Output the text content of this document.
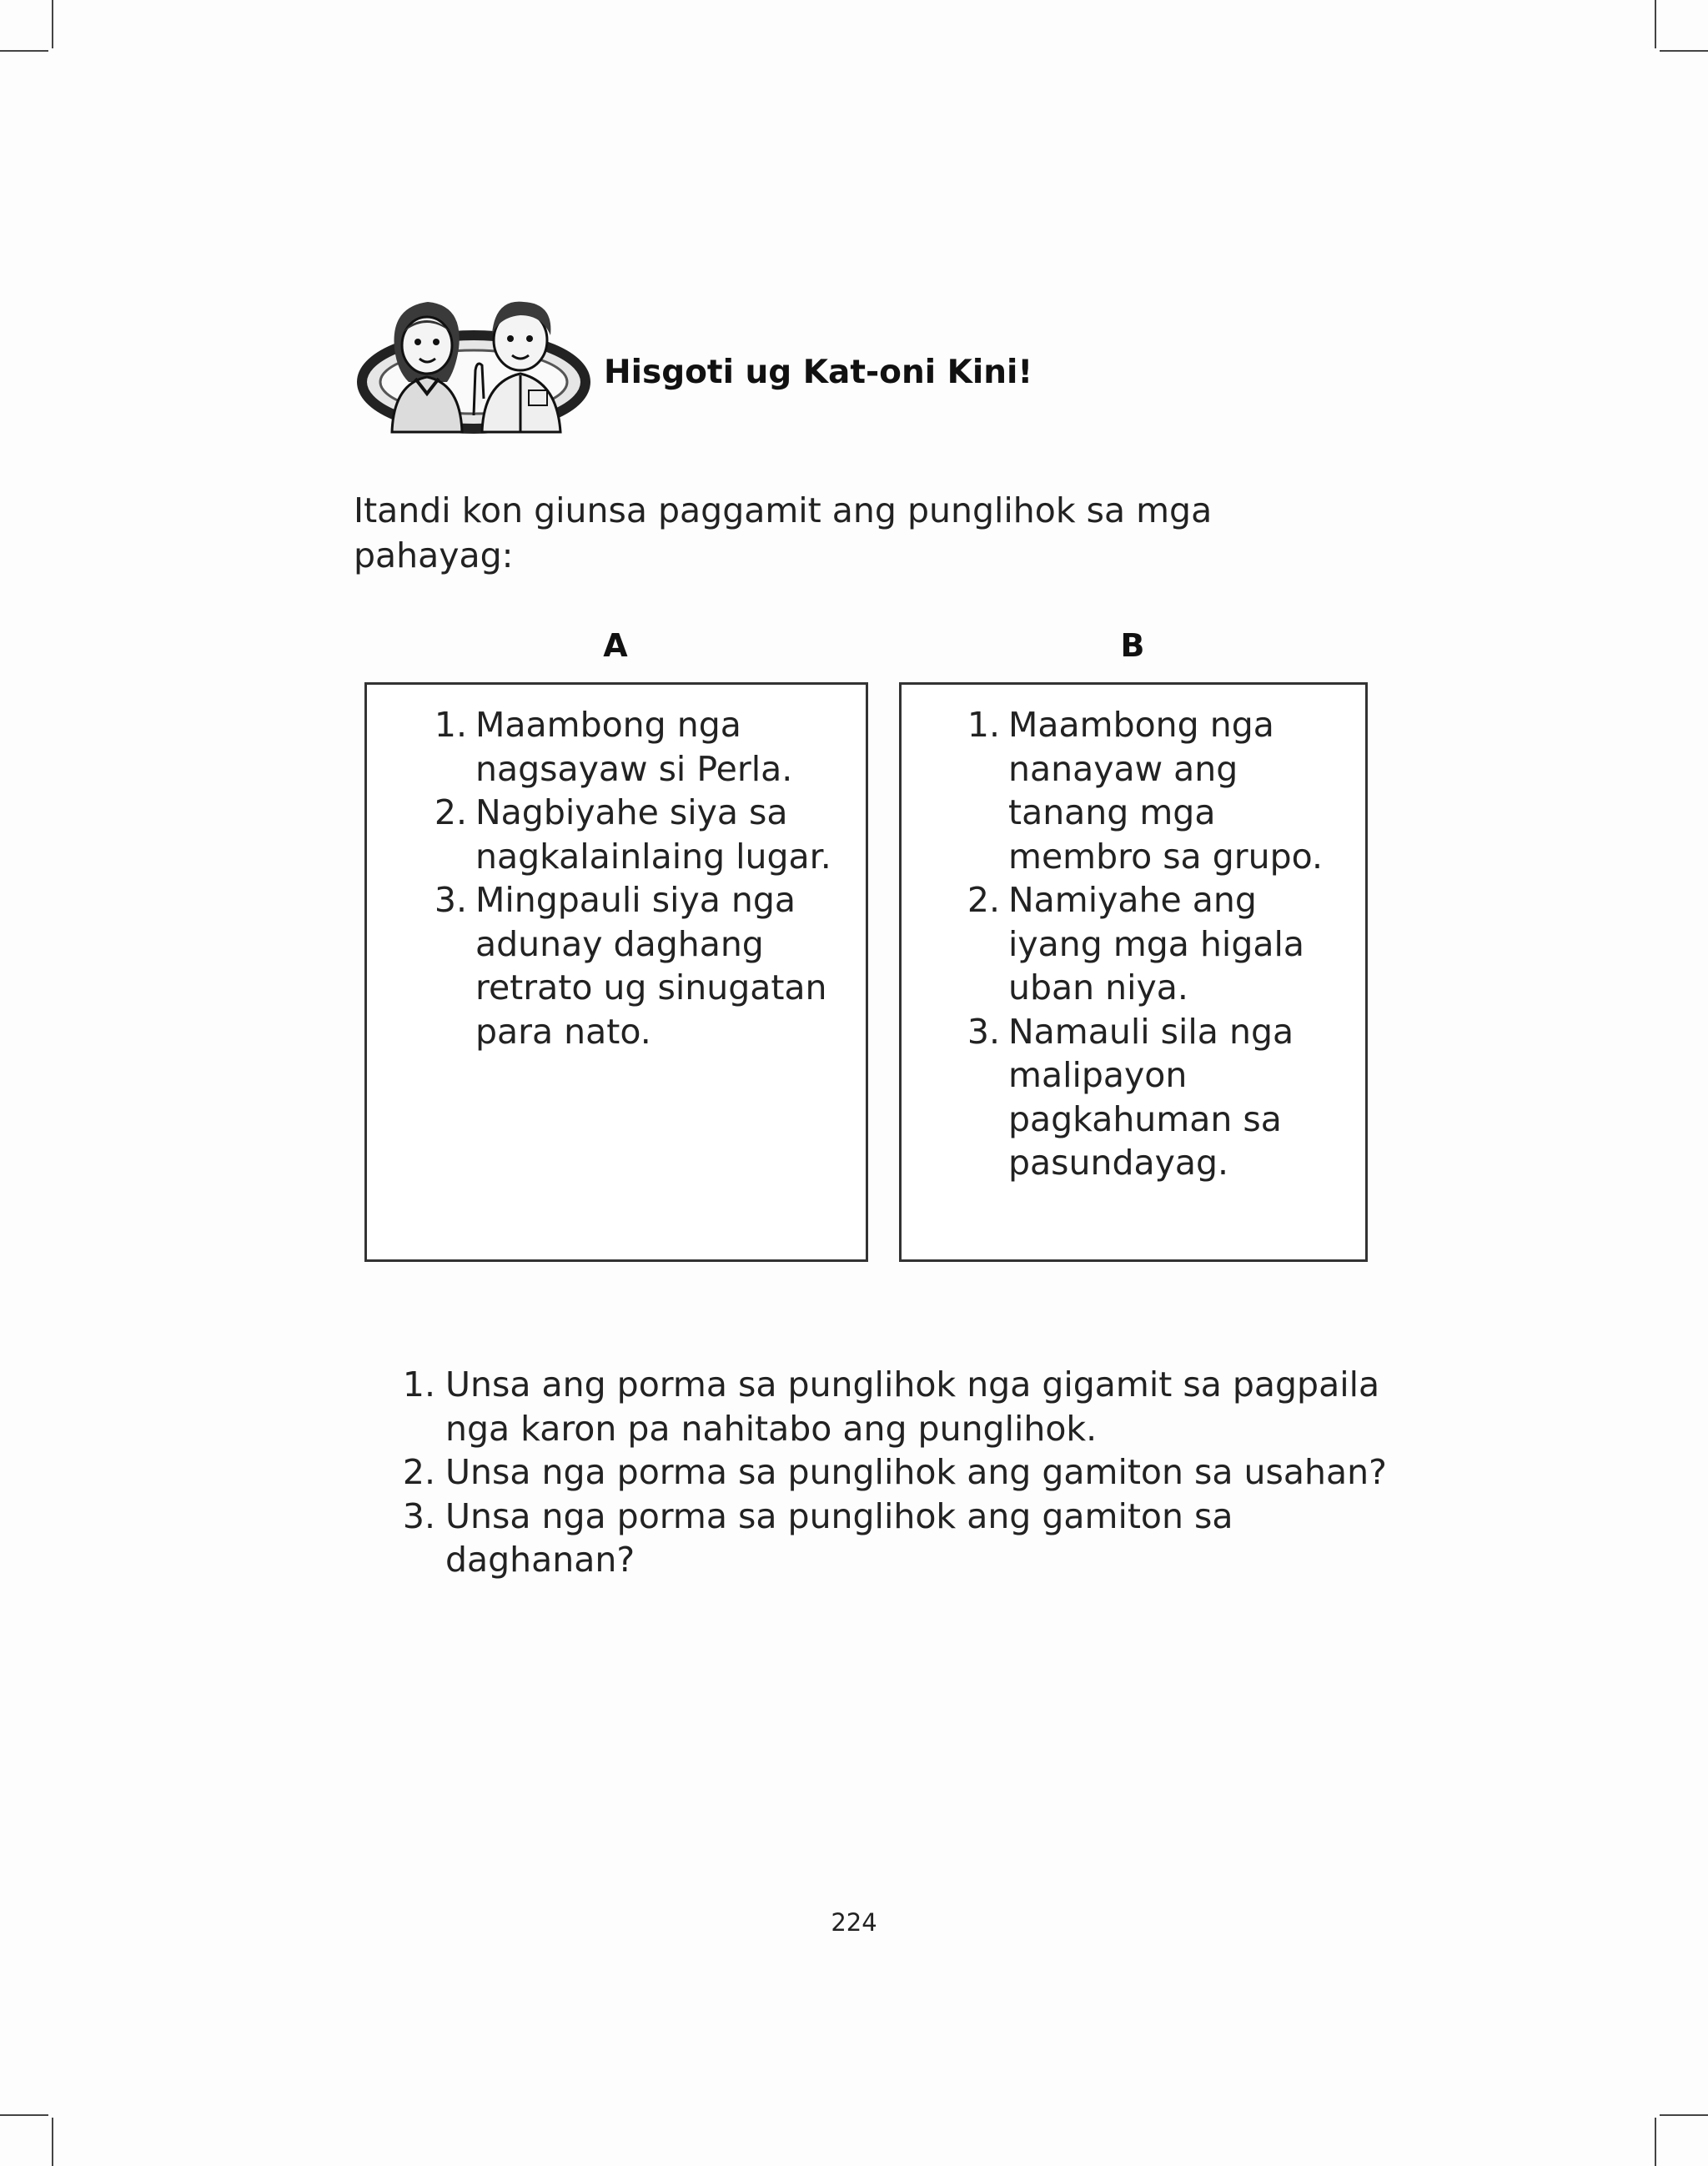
Hisgoti ug Kat-oni Kini!

Itandi kon giunsa paggamit ang punglihok sa mga pahayag:

A	B
1. Maambong nga
nagsayaw si Perla.
2. Nagbiyahe siya sa
nagkalainlaing lugar.
3. Mingpauli siya nga
adunay daghang
retrato ug sinugatan
para nato.
1. Maambong nga
nanayaw ang
tanang mga
membro sa grupo.
2. Namiyahe ang
iyang mga higala
uban niya.
3. Namauli sila nga
malipayon
pagkahuman sa
pasundayag.
1. Unsa ang porma sa punglihok nga gigamit sa pagpaila
nga karon pa nahitabo ang punglihok.
2. Unsa nga porma sa punglihok ang gamiton sa usahan?
3. Unsa nga porma sa punglihok ang gamiton sa
daghanan?
224
